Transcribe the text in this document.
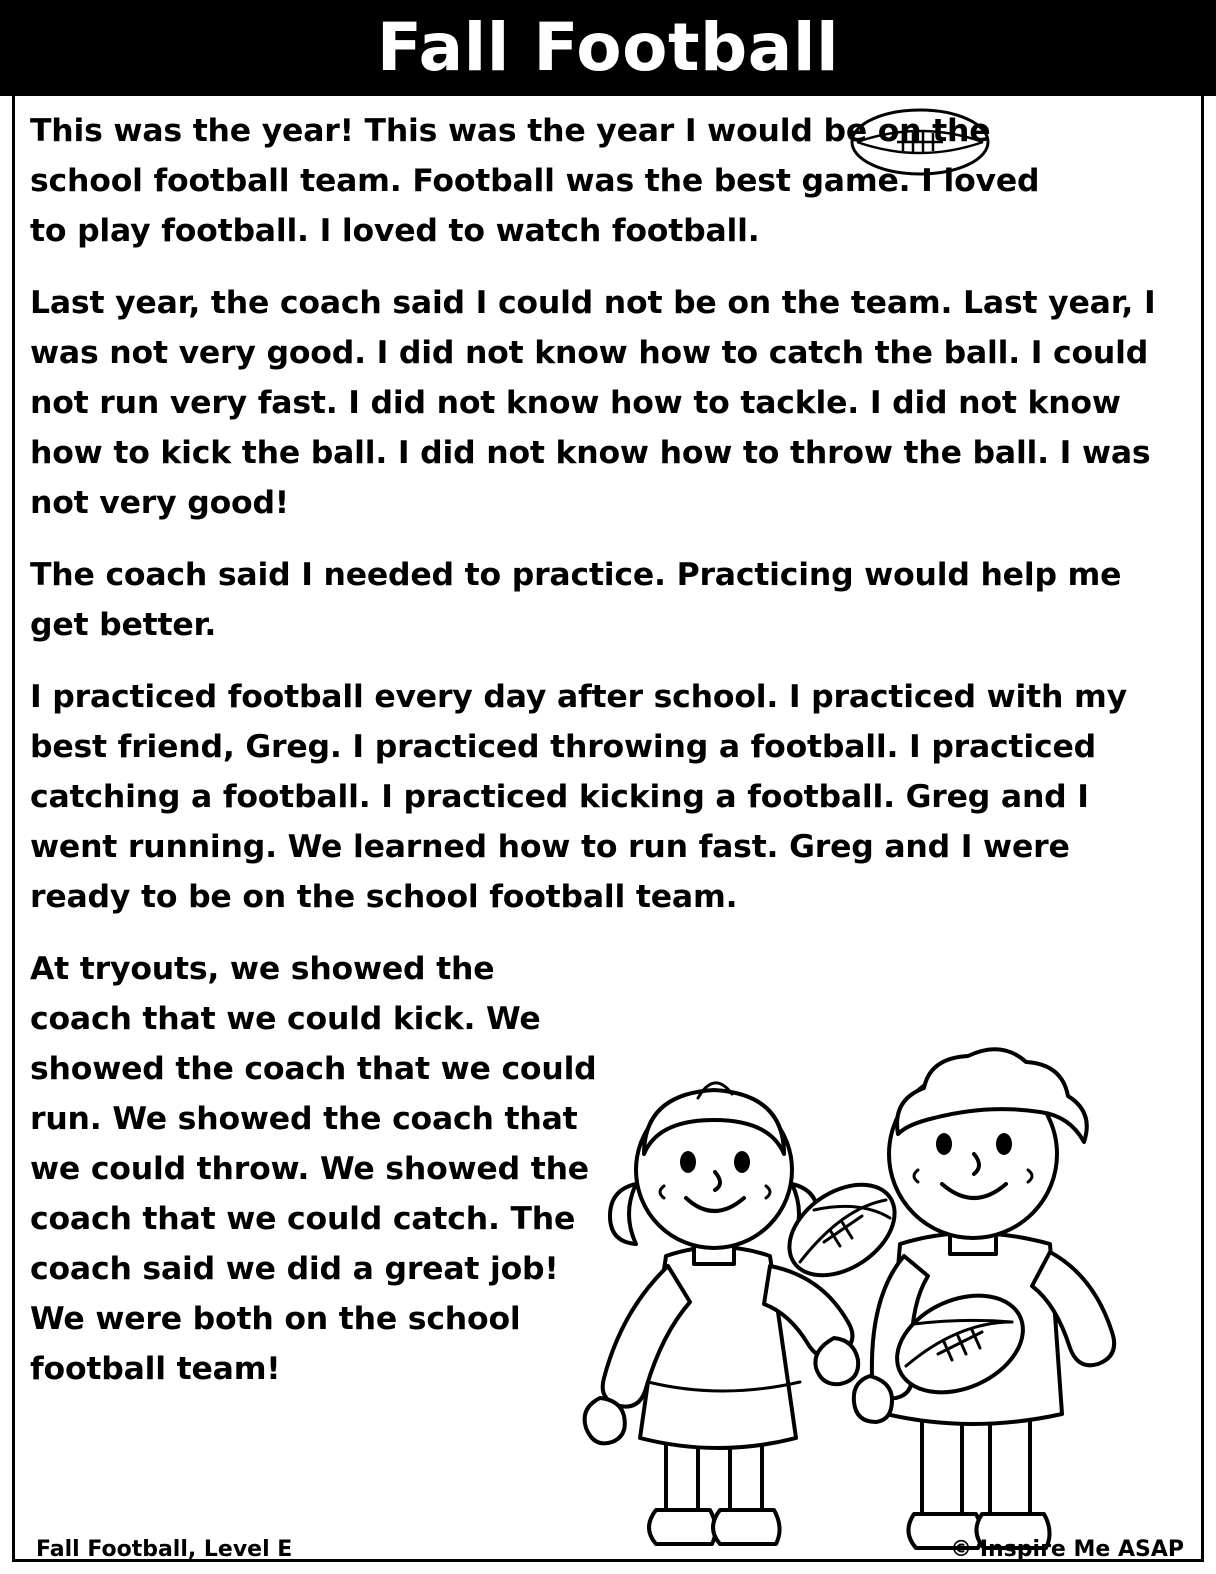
Fall Football

This was the year! This was the year I would be on the school football team. Football was the best game. I loved to play football. I loved to watch football.

Last year, the coach said I could not be on the team. Last year, I was not very good. I did not know how to catch the ball. I could not run very fast. I did not know how to tackle. I did not know how to kick the ball. I did not know how to throw the ball. I was not very good!

The coach said I needed to practice. Practicing would help me get better.

I practiced football every day after school. I practiced with my best friend, Greg. I practiced throwing a football. I practiced catching a football. I practiced kicking a football. Greg and I went running. We learned how to run fast. Greg and I were ready to be on the school football team.

At tryouts, we showed the coach that we could kick. We showed the coach that we could run. We showed the coach that we could throw. We showed the coach that we could catch. The coach said we did a great job! We were both on the school football team!

Fall Football, Level E	© Inspire Me ASAP
